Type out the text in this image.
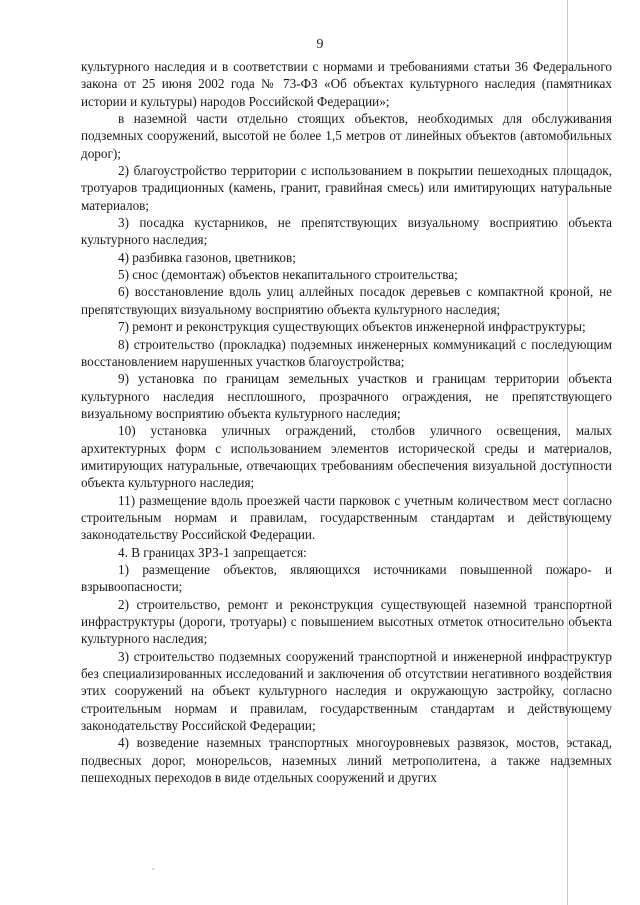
9

культурного наследия и в соответствии с нормами и требованиями статьи 36 Федерального закона от 25 июня 2002 года № 73-ФЗ «Об объектах культурного наследия (памятниках истории и культуры) народов Российской Федерации»;

в наземной части отдельно стоящих объектов, необходимых для обслуживания подземных сооружений, высотой не более 1,5 метров от линейных объектов (автомобильных дорог);

2) благоустройство территории с использованием в покрытии пешеходных площадок, тротуаров традиционных (камень, гранит, гравийная смесь) или имитирующих натуральные материалов;

3) посадка кустарников, не препятствующих визуальному восприятию объекта культурного наследия;

4) разбивка газонов, цветников;

5) снос (демонтаж) объектов некапитального строительства;

6) восстановление вдоль улиц аллейных посадок деревьев с компактной кроной, не препятствующих визуальному восприятию объекта культурного наследия;

7) ремонт и реконструкция существующих объектов инженерной инфраструктуры;

8) строительство (прокладка) подземных инженерных коммуникаций с последующим восстановлением нарушенных участков благоустройства;

9) установка по границам земельных участков и границам территории объекта культурного наследия несплошного, прозрачного ограждения, не препятствующего визуальному восприятию объекта культурного наследия;

10) установка уличных ограждений, столбов уличного освещения, малых архитектурных форм с использованием элементов исторической среды и материалов, имитирующих натуральные, отвечающих требованиям обеспечения визуальной доступности объекта культурного наследия;

11) размещение вдоль проезжей части парковок с учетным количеством мест согласно строительным нормам и правилам, государственным стандартам и действующему законодательству Российской Федерации.

4. В границах ЗРЗ-1 запрещается:

1) размещение объектов, являющихся источниками повышенной пожаро- и взрывоопасности;

2) строительство, ремонт и реконструкция существующей наземной транспортной инфраструктуры (дороги, тротуары) с повышением высотных отметок относительно объекта культурного наследия;

3) строительство подземных сооружений транспортной и инженерной инфраструктур без специализированных исследований и заключения об отсутствии негативного воздействия этих сооружений на объект культурного наследия и окружающую застройку, согласно строительным нормам и правилам, государственным стандартам и действующему законодательству Российской Федерации;

4) возведение наземных транспортных многоуровневых развязок, мостов, эстакад, подвесных дорог, монорельсов, наземных линий метрополитена, а также надземных пешеходных переходов в виде отдельных сооружений и других
